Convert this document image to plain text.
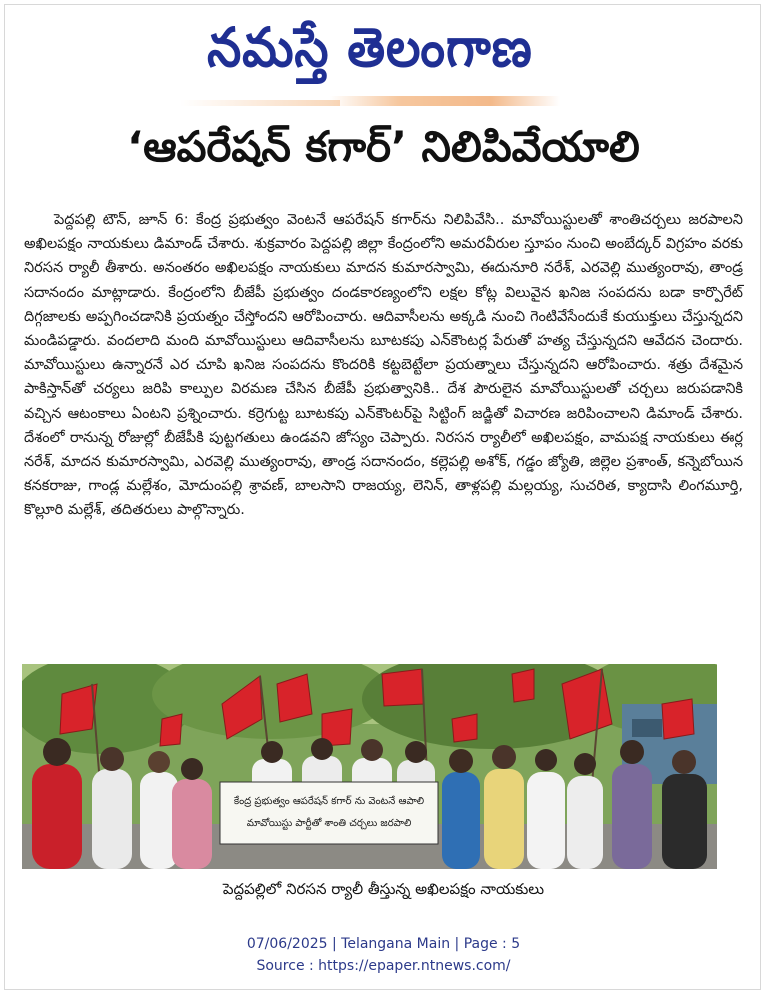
నమస్తే తెలంగాణ
‘ఆపరేషన్ కగార్’ నిలిపివేయాలి

పెద్దపల్లి టౌన్, జూన్ 6: కేంద్ర ప్రభుత్వం వెంటనే ఆపరేషన్ కగార్‌ను నిలిపివేసి.. మావోయిస్టులతో శాంతిచర్చలు జరపాలని అఖిలపక్షం నాయకులు డిమాండ్ చేశారు. శుక్రవారం పెద్దపల్లి జిల్లా కేంద్రంలోని అమరవీరుల స్తూపం నుంచి అంబేద్కర్ విగ్రహం వరకు నిరసన ర్యాలీ తీశారు. అనంతరం అఖిలపక్షం నాయకులు మాదన కుమారస్వామి, ఈదునూరి నరేశ్, ఎరవెల్లి ముత్యంరావు, తాండ్ర సదానందం మాట్లాడారు. కేంద్రంలోని బీజేపీ ప్రభుత్వం దండకారణ్యంలోని లక్షల కోట్ల విలువైన ఖనిజ సంపదను బడా కార్పొరేట్ దిగ్గజాలకు అప్పగించడానికి ప్రయత్నం చేస్తోందని ఆరోపించారు. ఆదివాసీలను అక్కడి నుంచి గెంటివేసేందుకే కుయుక్తులు చేస్తున్నదని మండిపడ్డారు. వందలాది మంది మావోయిస్టులు ఆదివాసీలను బూటకపు ఎన్‌కౌంటర్ల పేరుతో హత్య చేస్తున్నదని ఆవేదన చెందారు. మావోయిస్టులు ఉన్నారనే ఎర చూపి ఖనిజ సంపదను కొందరికి కట్టబెట్టేలా ప్రయత్నాలు చేస్తున్నదని ఆరోపించారు. శత్రు దేశమైన పాకిస్తాన్‌తో చర్యలు జరిపి కాల్పుల విరమణ చేసిన బీజేపీ ప్రభుత్వానికి.. దేశ పౌరులైన మావోయిస్టులతో చర్చలు జరుపడానికి వచ్చిన ఆటంకాలు ఏంటని ప్రశ్నించారు. కర్రెగుట్ట బూటకపు ఎన్‌కౌంటర్‌పై సిట్టింగ్ జడ్జితో విచారణ జరిపించాలని డిమాండ్ చేశారు. దేశంలో రానున్న రోజుల్లో బీజేపీకి పుట్టగతులు ఉండవని జోస్యం చెప్పారు. నిరసన ర్యాలీలో అఖిలపక్షం, వామపక్ష నాయకులు ఈర్ల నరేశ్, మాదన కుమారస్వామి, ఎరవెల్లి ముత్యంరావు, తాండ్ర సదానందం, కల్లెపల్లి అశోక్, గడ్డం జ్యోతి, జిల్లెల ప్రశాంత్, కన్నెబోయిన కనకరాజు, గాండ్ల మల్లేశం, మోదుంపల్లి శ్రావణ్, బాలసాని రాజయ్య, లెనిన్, తాళ్లపల్లి మల్లయ్య, సుచరిత, క్యాదాసి లింగమూర్తి, కొల్లూరి మల్లేశ్, తదితరులు పాల్గొన్నారు.

కేంద్ర ప్రభుత్వం ఆపరేషన్ కగార్ ను వెంటనే ఆపాలి
మావోయిస్టు పార్టీతో శాంతి చర్చలు జరపాలి
పెద్దపల్లిలో నిరసన ర్యాలీ తీస్తున్న అఖిలపక్షం నాయకులు
07/06/2025 | Telangana Main | Page : 5
Source : https://epaper.ntnews.com/
